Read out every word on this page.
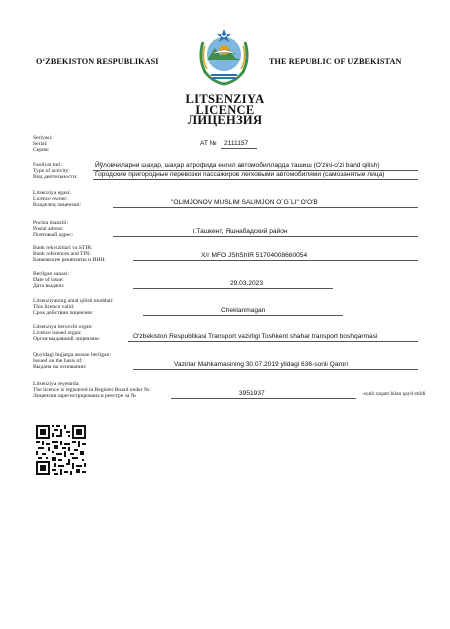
O‘ZBEKISTON RESPUBLIKASI	THE REPUBLIC OF UZBEKISTAN
LITSENZIYA
LICENCE
ЛИЦЕНЗИЯ
Seriyasi:
Serial:
Серия:
AT № 2111157
Faoliyat turi:
Type of activity:
Вид деятельности:
Йўловчиларни шаҳар, шаҳар атрофида енгил автомобилларда ташиш (O'zini-o'zi band qilish)
Городские пригородные перевозки пассажиров легковыми автомобилями (самозанятые лица)
Litsenziya egasi:
Licence owner:
Владелец лицензии:	"OLIMJONOV MUSLIM SALIMJON O`G`LI" O'O'B
Pochta manzili:
Postal adress:
Почтовый адрес:	г.Ташкент, Яшнабадский район
Bank rekvizitlari va STIR:
Bank references and TIN:
Банковские реквизиты и ИНН:
Х/г MFO JShShIR 51704008660054
Berilgan sanasi:
Date of issue:
Дата выдачи:	29.03.2023
Litsenziyaning amal qilish muddati:
This licence valid:
Срок действия лицензии:	Cheklanmagan
Litsenziya beruvchi organ:
Licence issued organ:
Орган выдавший лицензию:	O'zbekiston Respublikasi Transport vazirligi Toshkent shahar transport boshqarmasi
Quyidagi hujjatga asosan berilgan:
Issued on the basis of:
Выдана на основании:	Vazirlar Mahkamasining 30.07.2019 yildagi 636-sonli Qarori
Litsenziya reyestrda:
The licence is registered in Register Board under №:
Лицензия зарегистрирована в реестре за №	3951937	-sonli raqam bilan qayd etildi
